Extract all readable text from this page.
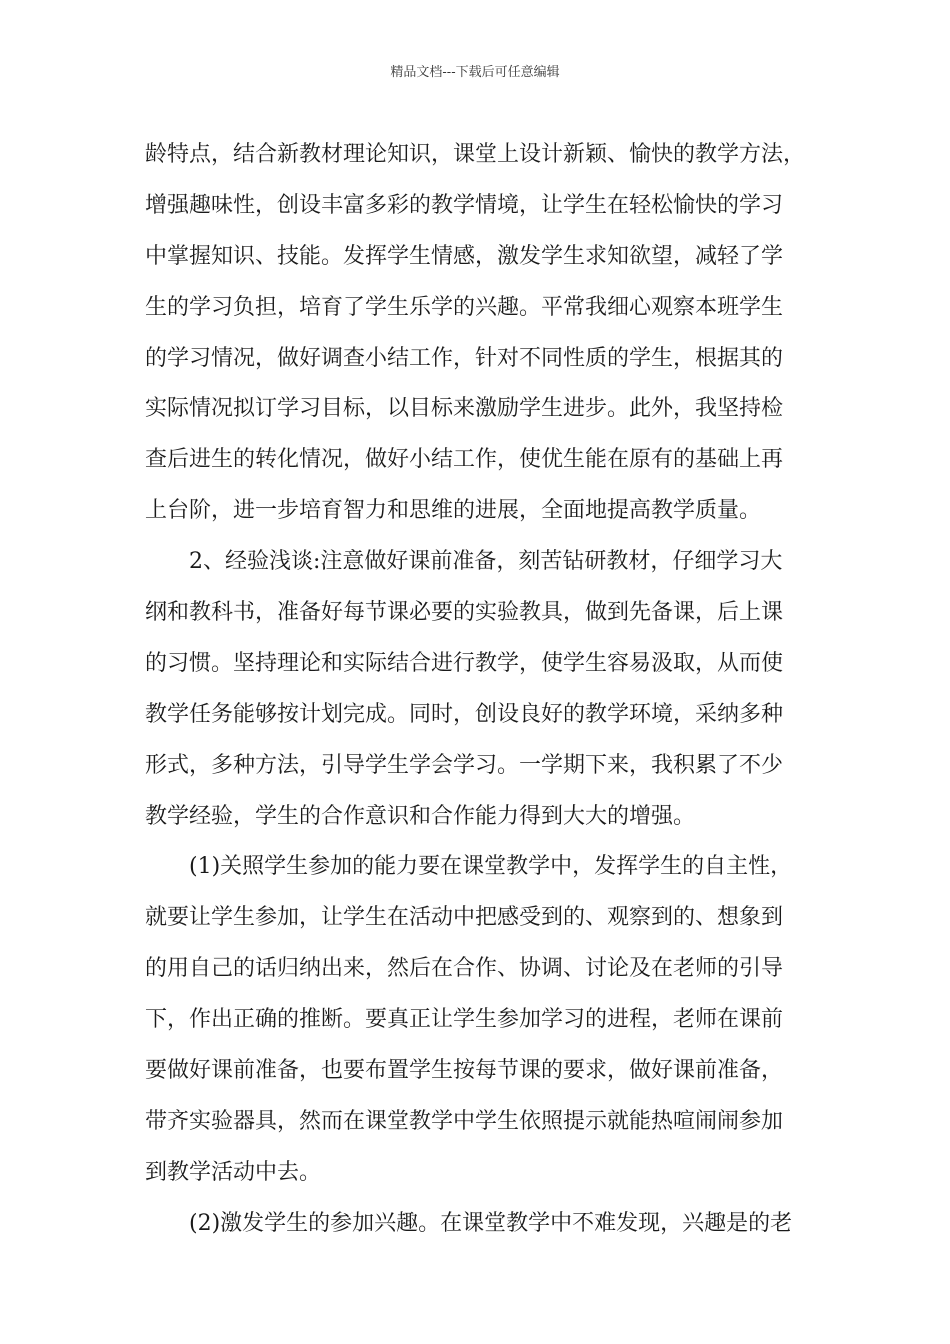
精品文档---下载后可任意编辑
龄特点，结合新教材理论知识，课堂上设计新颖、愉快的教学方法，
增强趣味性，创设丰富多彩的教学情境，让学生在轻松愉快的学习
中掌握知识、技能。发挥学生情感，激发学生求知欲望，减轻了学
生的学习负担，培育了学生乐学的兴趣。平常我细心观察本班学生
的学习情况，做好调查小结工作，针对不同性质的学生，根据其的
实际情况拟订学习目标，以目标来激励学生进步。此外，我坚持检
查后进生的转化情况，做好小结工作，使优生能在原有的基础上再
上台阶，进一步培育智力和思维的进展，全面地提高教学质量。
2、经验浅谈:注意做好课前准备，刻苦钻研教材，仔细学习大
纲和教科书，准备好每节课必要的实验教具，做到先备课，后上课
的习惯。坚持理论和实际结合进行教学，使学生容易汲取，从而使
教学任务能够按计划完成。同时，创设良好的教学环境，采纳多种
形式，多种方法，引导学生学会学习。一学期下来，我积累了不少
教学经验，学生的合作意识和合作能力得到大大的增强。
(1)关照学生参加的能力要在课堂教学中，发挥学生的自主性，
就要让学生参加，让学生在活动中把感受到的、观察到的、想象到
的用自己的话归纳出来，然后在合作、协调、讨论及在老师的引导
下，作出正确的推断。要真正让学生参加学习的进程，老师在课前
要做好课前准备，也要布置学生按每节课的要求，做好课前准备，
带齐实验器具，然而在课堂教学中学生依照提示就能热喧闹闹参加
到教学活动中去。
(2)激发学生的参加兴趣。在课堂教学中不难发现，兴趣是的老
